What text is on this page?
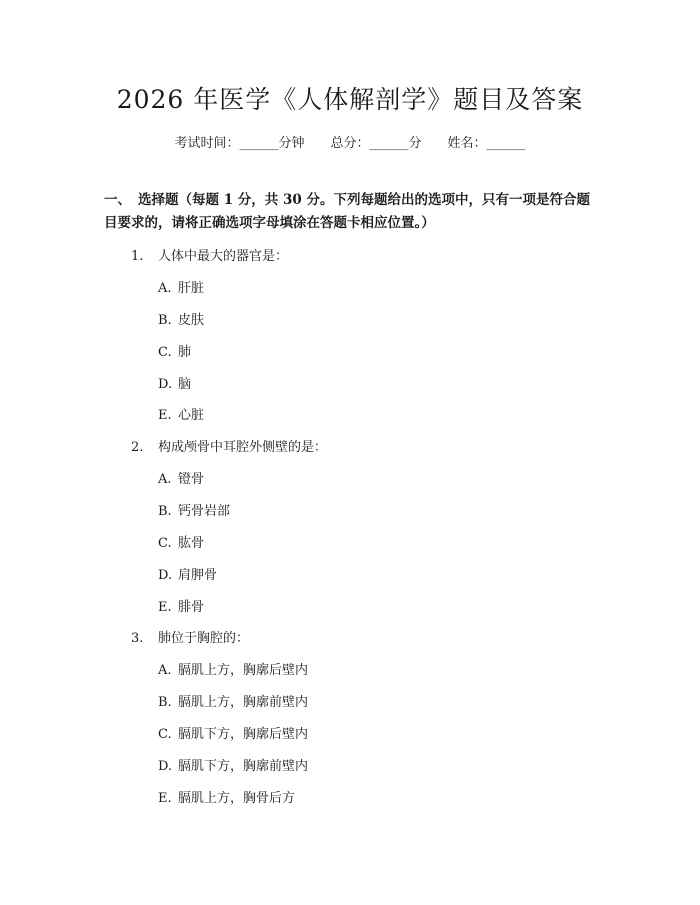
2026 年医学《人体解剖学》题目及答案
考试时间：______分钟 总分：______分 姓名：______
一、 选择题（每题 1 分，共 30 分。下列每题给出的选项中，只有一项是符合题目要求的，请将正确选项字母填涂在答题卡相应位置。）
1. 人体中最大的器官是：
A. 肝脏
B. 皮肤
C. 肺
D. 脑
E. 心脏
2. 构成颅骨中耳腔外侧壁的是：
A. 镫骨
B. 钙骨岩部
C. 肱骨
D. 肩胛骨
E. 腓骨
3. 肺位于胸腔的：
A. 膈肌上方，胸廓后壁内
B. 膈肌上方，胸廓前壁内
C. 膈肌下方，胸廓后壁内
D. 膈肌下方，胸廓前壁内
E. 膈肌上方，胸骨后方
